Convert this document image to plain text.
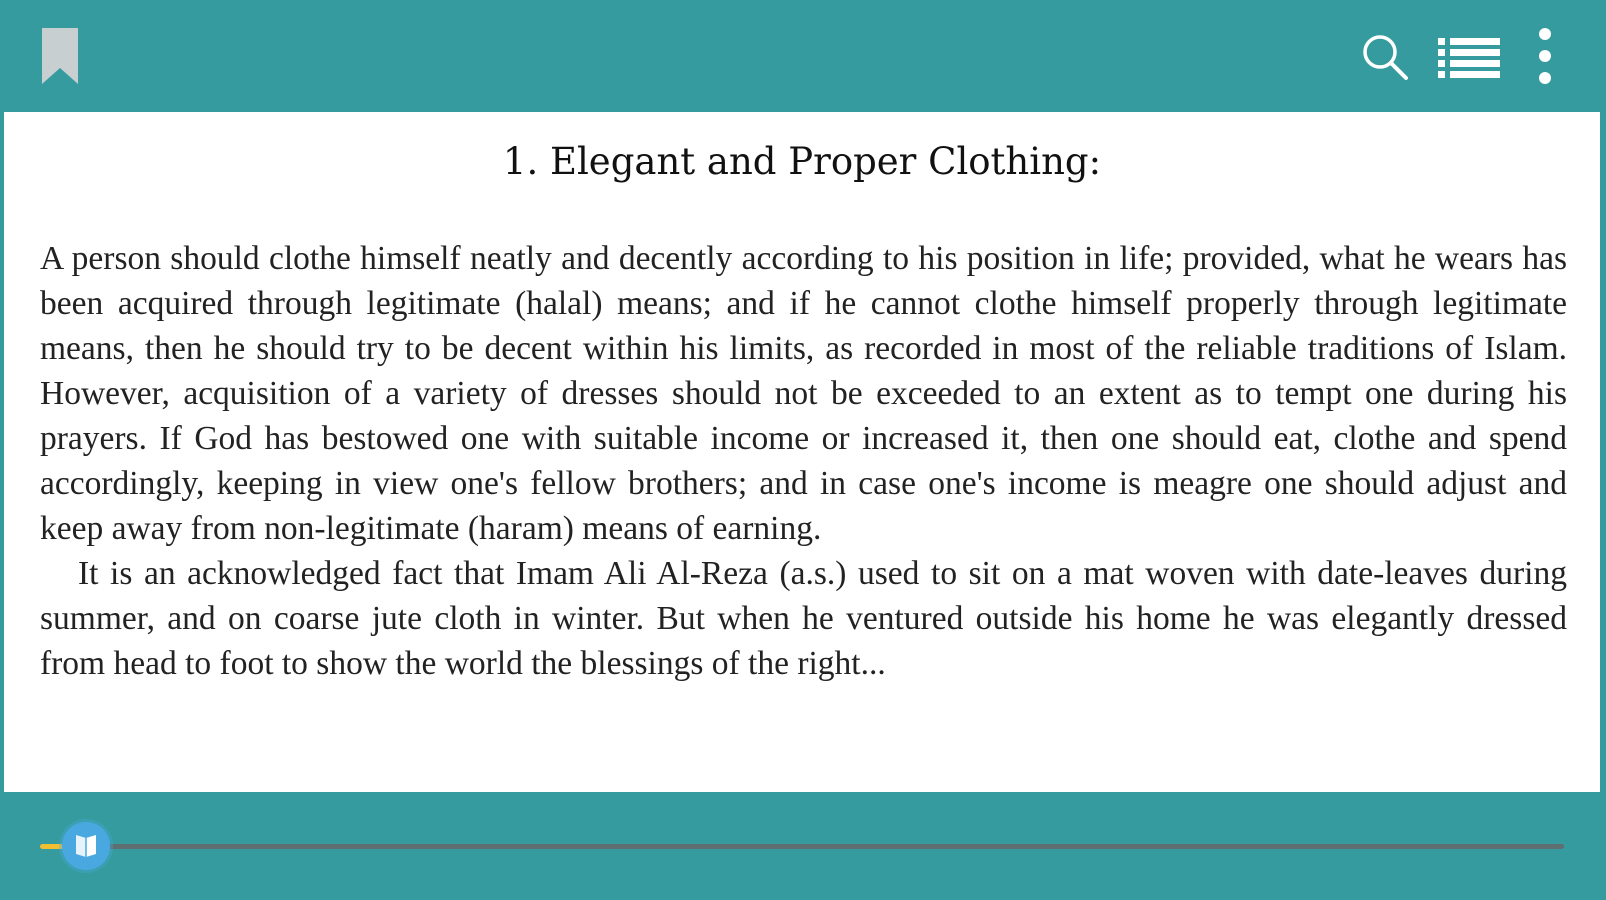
1. Elegant and Proper Clothing:

A person should clothe himself neatly and decently according to his position in life; provided, what he wears has been acquired through legitimate (halal) means; and if he cannot clothe himself properly through legitimate means, then he should try to be decent within his limits, as recorded in most of the reliable traditions of Islam. However, acquisition of a variety of dresses should not be exceeded to an extent as to tempt one during his prayers. If God has bestowed one with suitable income or increased it, then one should eat, clothe and spend accordingly, keeping in view one's fellow brothers; and in case one's income is meagre one should adjust and keep away from non-legitimate (haram) means of earning.

It is an acknowledged fact that Imam Ali Al-Reza (a.s.) used to sit on a mat woven with date-leaves during summer, and on coarse jute cloth in winter. But when he ventured outside his home he was elegantly dressed from head to foot to show the world the blessings of the right...
